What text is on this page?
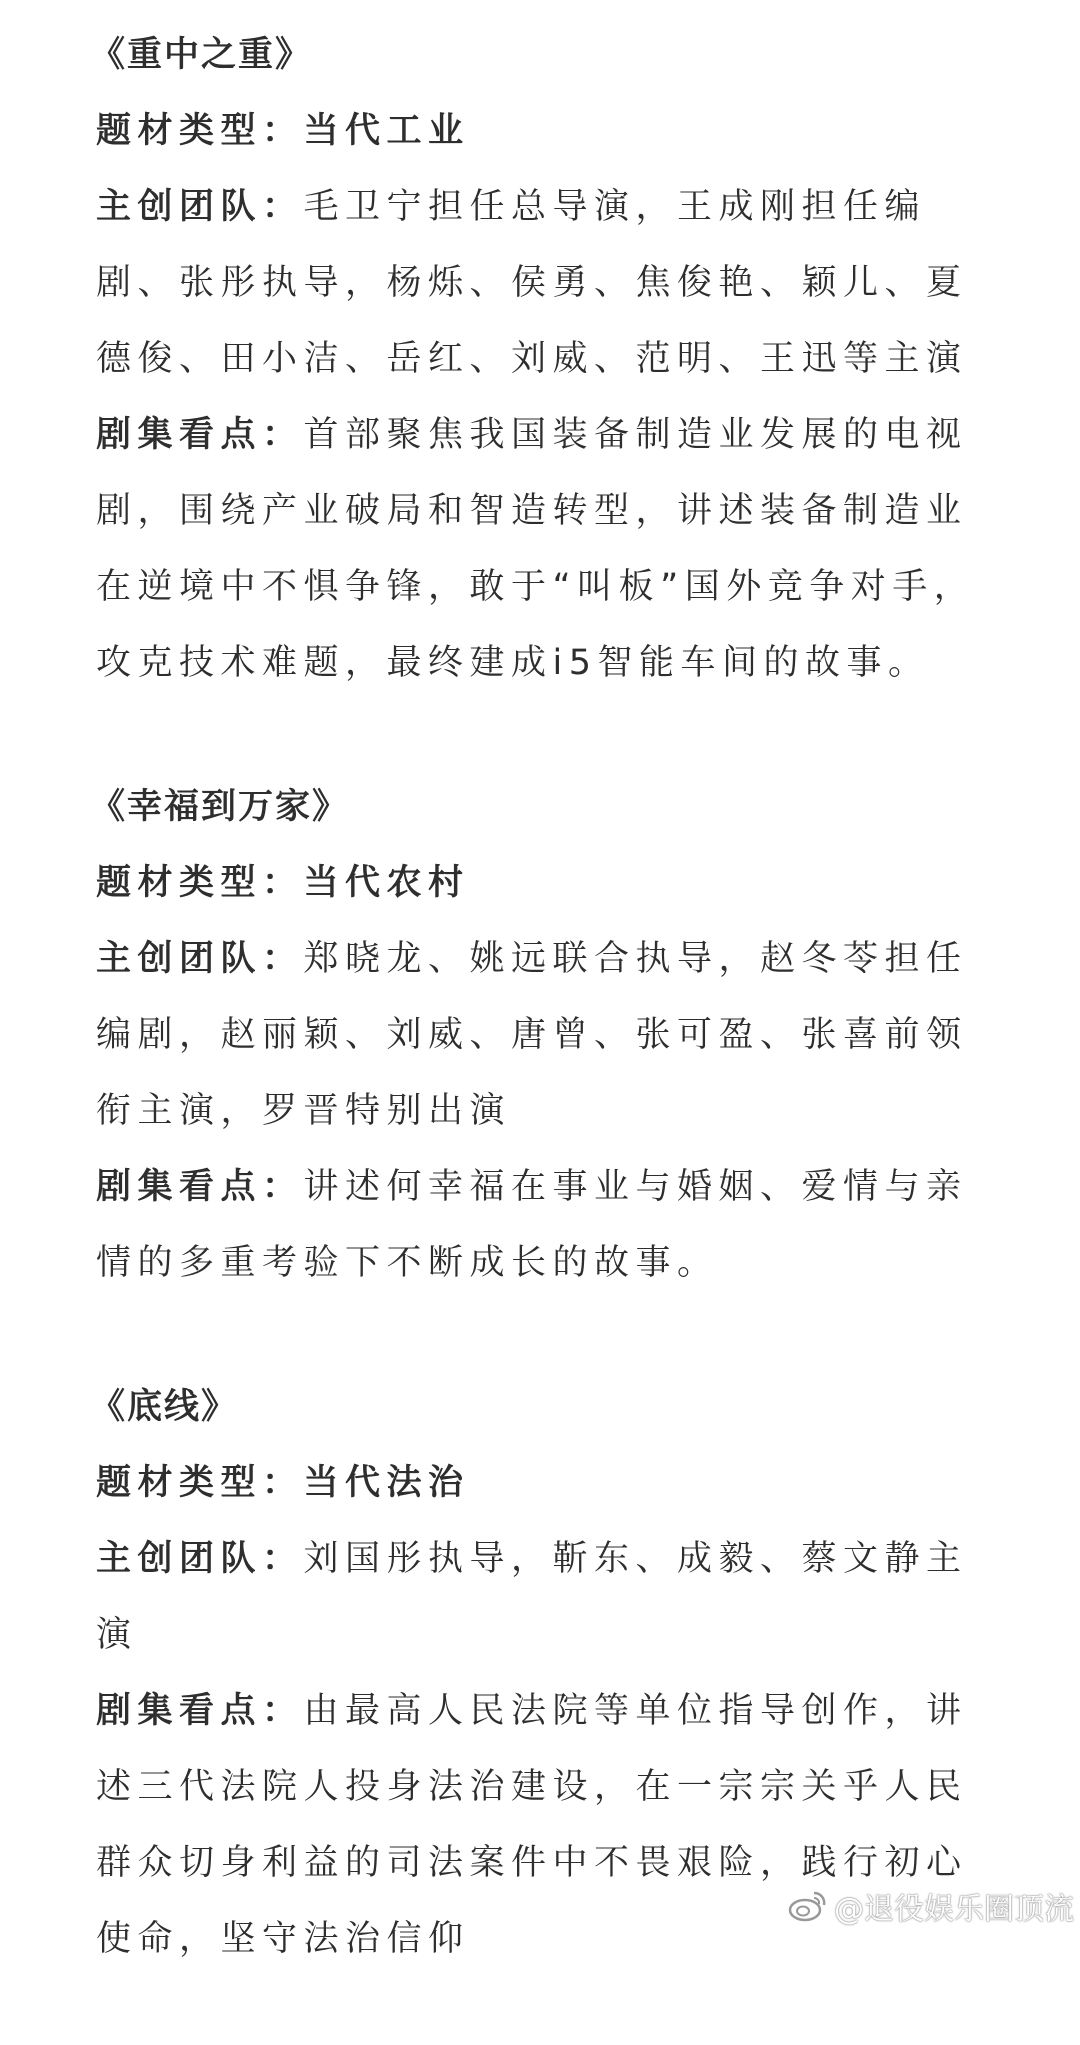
《重中之重》
题材类型：当代工业
主创团队：毛卫宁担任总导演，王成刚担任编
剧、张彤执导，杨烁、侯勇、焦俊艳、颖儿、夏
德俊、田小洁、岳红、刘威、范明、王迅等主演
剧集看点：首部聚焦我国装备制造业发展的电视
剧，围绕产业破局和智造转型，讲述装备制造业
在逆境中不惧争锋，敢于“叫板”国外竞争对手，
攻克技术难题，最终建成i5智能车间的故事。
《幸福到万家》
题材类型：当代农村
主创团队：郑晓龙、姚远联合执导，赵冬苓担任
编剧，赵丽颖、刘威、唐曾、张可盈、张喜前领
衔主演，罗晋特别出演
剧集看点：讲述何幸福在事业与婚姻、爱情与亲
情的多重考验下不断成长的故事。
《底线》
题材类型：当代法治
主创团队：刘国彤执导，靳东、成毅、蔡文静主
演
剧集看点：由最高人民法院等单位指导创作，讲
述三代法院人投身法治建设，在一宗宗关乎人民
群众切身利益的司法案件中不畏艰险，践行初心
使命，坚守法治信仰
@退役娱乐圈顶流
